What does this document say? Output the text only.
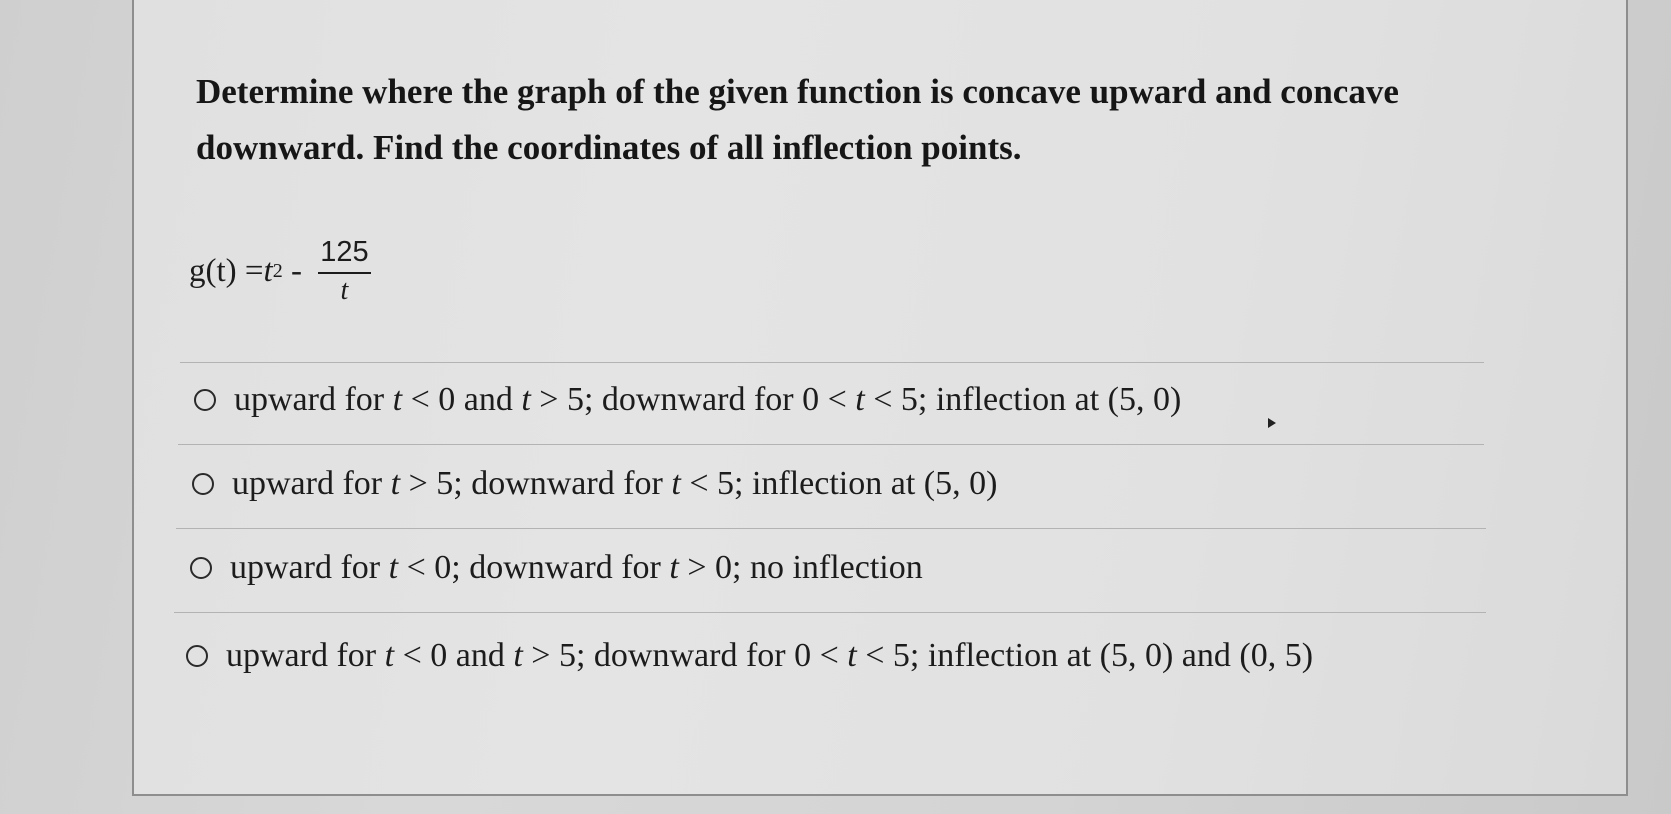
Determine where the graph of the given function is concave upward and concave
downward. Find the coordinates of all inflection points.

g(t) = t $2 - \frac{125}{t}$
upward for t < 0 and t > 5; downward for 0 < t < 5; inflection at (5, 0)
upward for t > 5; downward for t < 5; inflection at (5, 0)
upward for t < 0; downward for t > 0; no inflection
upward for t < 0 and t > 5; downward for 0 < t < 5; inflection at (5, 0) and (0, 5)
